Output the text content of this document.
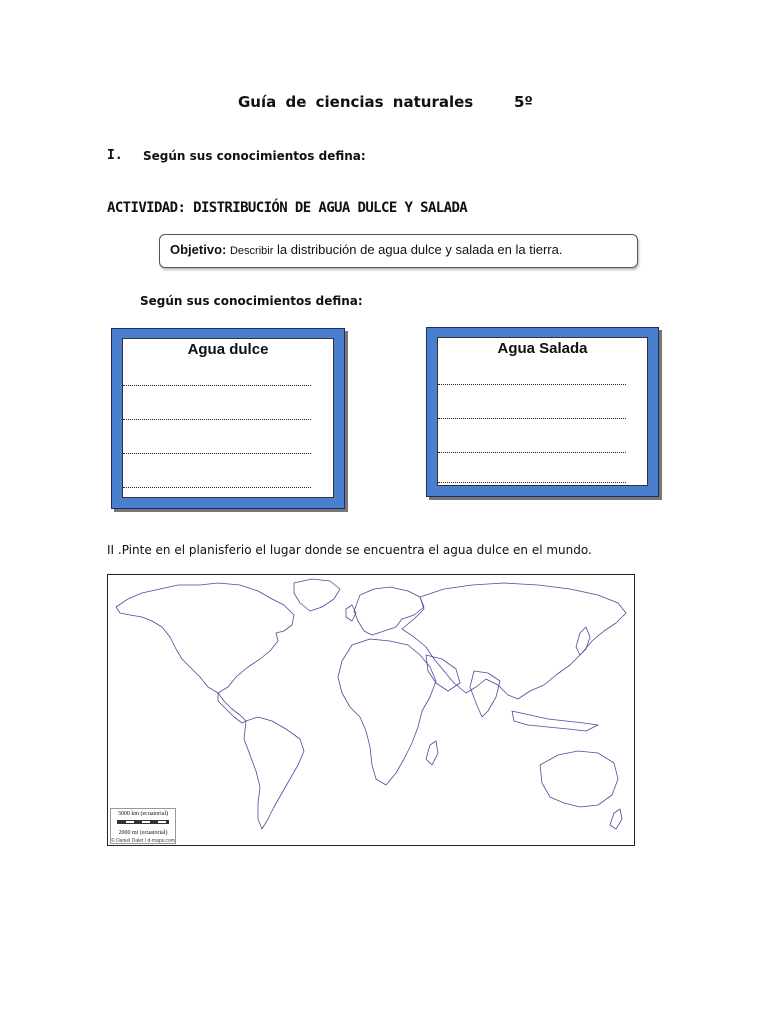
Guía de ciencias naturales	5º
I. Según sus conocimientos defina:
ACTIVIDAD: DISTRIBUCIÓN DE AGUA DULCE Y SALADA
Objetivo: Describir la distribución de agua dulce y salada en la tierra.
Según sus conocimientos defina:
Agua dulce	Agua Salada
II .Pinte en el planisferio el lugar donde se encuentra el agua dulce en el mundo.
3000 km (ecuatorial)
2000 mi (ecuatorial)
© Daniel Dalet / d-maps.com
